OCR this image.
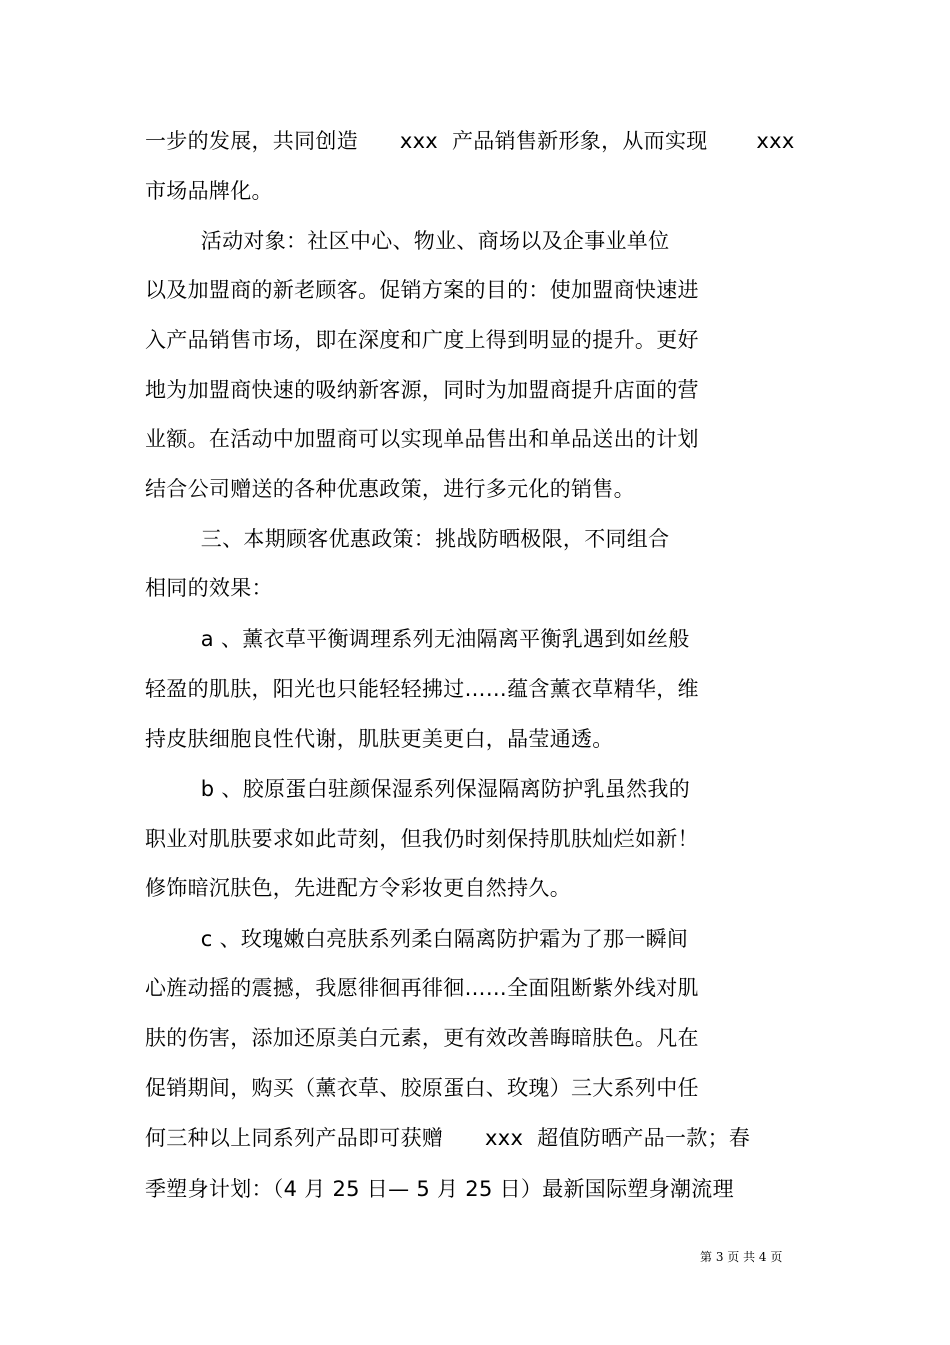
一步的发展，共同创造      xxx  产品销售新形象，从而实现       xxx
市场品牌化。
活动对象：社区中心、物业、商场以及企事业单位
以及加盟商的新老顾客。促销方案的目的：使加盟商快速进
入产品销售市场，即在深度和广度上得到明显的提升。更好
地为加盟商快速的吸纳新客源，同时为加盟商提升店面的营
业额。在活动中加盟商可以实现单品售出和单品送出的计划
结合公司赠送的各种优惠政策，进行多元化的销售。
三、本期顾客优惠政策：挑战防晒极限，不同组合
相同的效果：
a 、薰衣草平衡调理系列无油隔离平衡乳遇到如丝般
轻盈的肌肤，阳光也只能轻轻拂过……蕴含薰衣草精华，维
持皮肤细胞良性代谢，肌肤更美更白，晶莹通透。
b 、胶原蛋白驻颜保湿系列保湿隔离防护乳虽然我的
职业对肌肤要求如此苛刻，但我仍时刻保持肌肤灿烂如新！
修饰暗沉肤色，先进配方令彩妆更自然持久。
c 、玫瑰嫩白亮肤系列柔白隔离防护霜为了那一瞬间
心旌动摇的震撼，我愿徘徊再徘徊……全面阻断紫外线对肌
肤的伤害，添加还原美白元素，更有效改善晦暗肤色。凡在
促销期间，购买（薰衣草、胶原蛋白、玫瑰）三大系列中任
何三种以上同系列产品即可获赠      xxx  超值防晒产品一款；春
季塑身计划：（4 月 25 日— 5 月 25 日）最新国际塑身潮流理
第 3 页 共 4 页
